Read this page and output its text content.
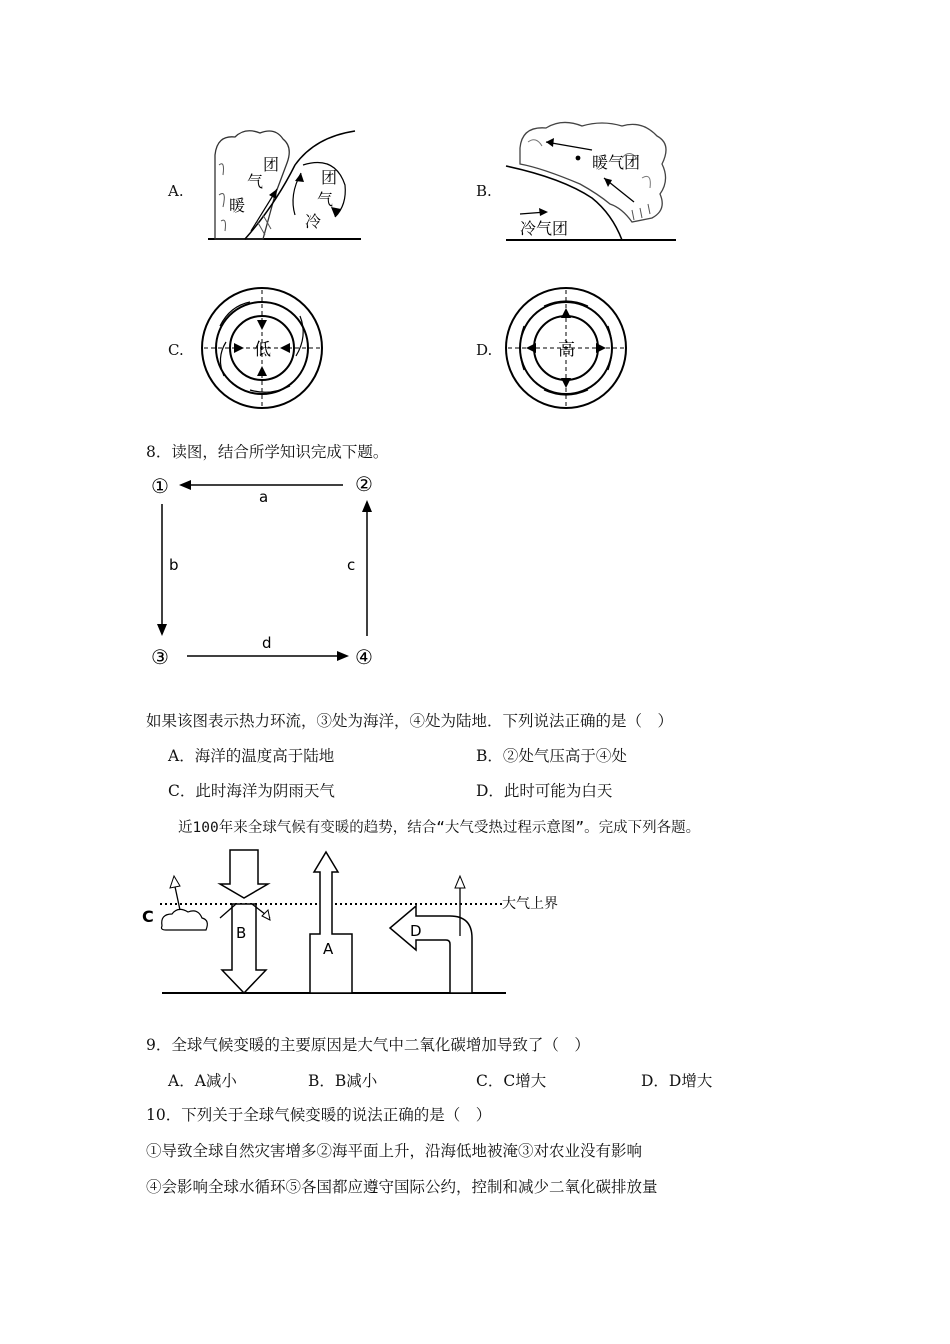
A.
团
气
暖
团
气
冷
B.
暖气团
冷气团
C.	低	D.	高
8．读图，结合所学知识完成下题。
①	②
③	④
a
b	c
d
如果该图表示热力环流，③处为海洋，④处为陆地．下列说法正确的是（　）
A．海洋的温度高于陆地	B．②处气压高于④处
C．此时海洋为阴雨天气	D．此时可能为白天
近100年来全球气候有变暖的趋势，结合“大气受热过程示意图”。完成下列各题。
大气上界
B
C
A
D
9．全球气候变暖的主要原因是大气中二氧化碳增加导致了（　）
A．A减小	B．B减小	C．C增大	D．D增大
10．下列关于全球气候变暖的说法正确的是（　）
①导致全球自然灾害增多②海平面上升，沿海低地被淹③对农业没有影响
④会影响全球水循环⑤各国都应遵守国际公约，控制和减少二氧化碳排放量
